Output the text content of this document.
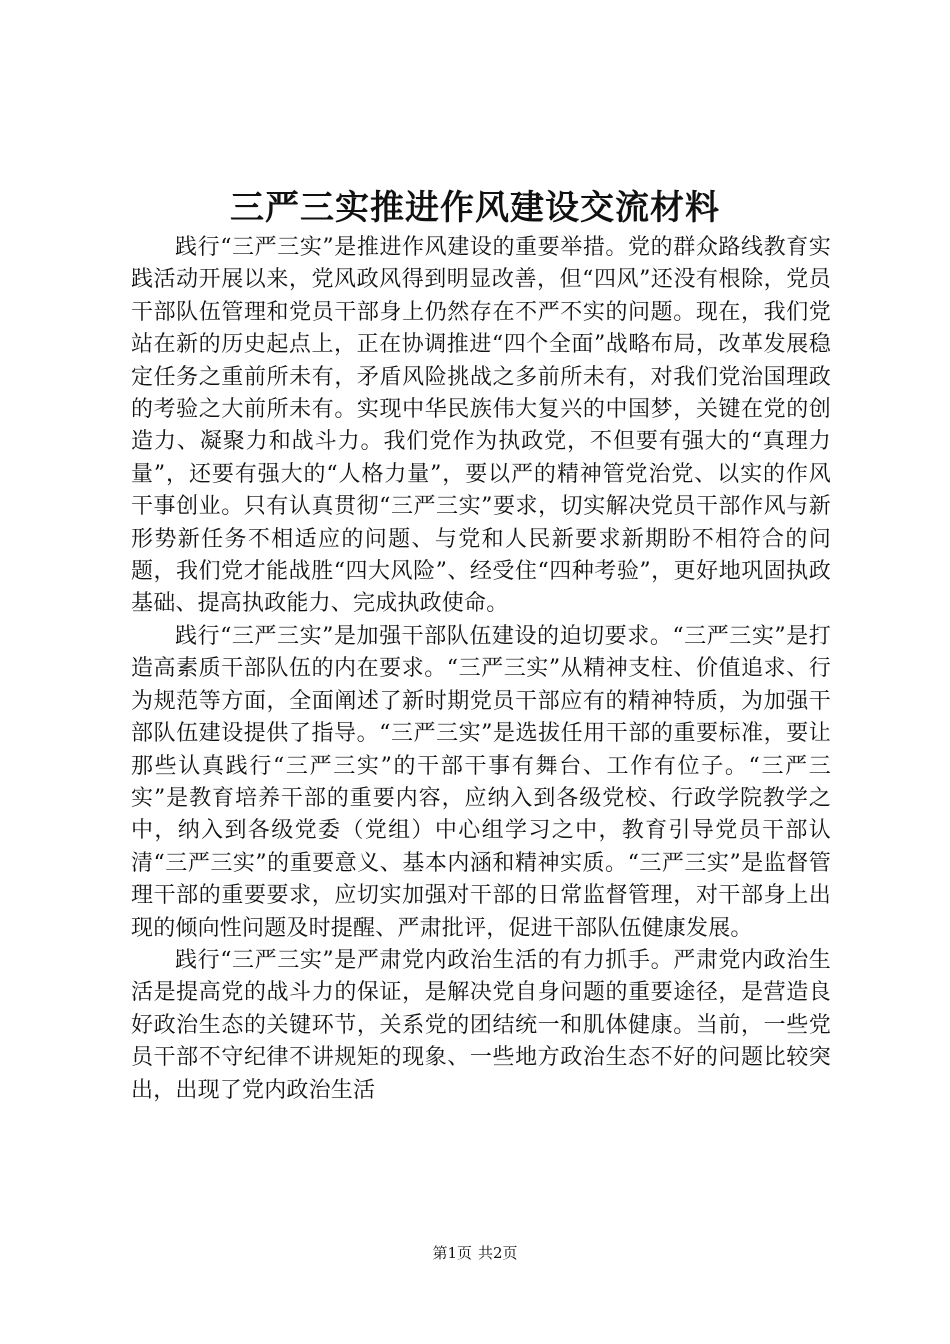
三严三实推进作风建设交流材料

践行“三严三实”是推进作风建设的重要举措。党的群众路线教育实践活动开展以来，党风政风得到明显改善，但“四风”还没有根除，党员干部队伍管理和党员干部身上仍然存在不严不实的问题。现在，我们党站在新的历史起点上，正在协调推进“四个全面”战略布局，改革发展稳定任务之重前所未有，矛盾风险挑战之多前所未有，对我们党治国理政的考验之大前所未有。实现中华民族伟大复兴的中国梦，关键在党的创造力、凝聚力和战斗力。我们党作为执政党，不但要有强大的“真理力量”，还要有强大的“人格力量”，要以严的精神管党治党、以实的作风干事创业。只有认真贯彻“三严三实”要求，切实解决党员干部作风与新形势新任务不相适应的问题、与党和人民新要求新期盼不相符合的问题，我们党才能战胜“四大风险”、经受住“四种考验”，更好地巩固执政基础、提高执政能力、完成执政使命。

践行“三严三实”是加强干部队伍建设的迫切要求。“三严三实”是打造高素质干部队伍的内在要求。“三严三实”从精神支柱、价值追求、行为规范等方面，全面阐述了新时期党员干部应有的精神特质，为加强干部队伍建设提供了指导。“三严三实”是选拔任用干部的重要标准，要让那些认真践行“三严三实”的干部干事有舞台、工作有位子。“三严三实”是教育培养干部的重要内容，应纳入到各级党校、行政学院教学之中，纳入到各级党委（党组）中心组学习之中，教育引导党员干部认清“三严三实”的重要意义、基本内涵和精神实质。“三严三实”是监督管理干部的重要要求，应切实加强对干部的日常监督管理，对干部身上出现的倾向性问题及时提醒、严肃批评，促进干部队伍健康发展。

践行“三严三实”是严肃党内政治生活的有力抓手。严肃党内政治生活是提高党的战斗力的保证，是解决党自身问题的重要途径，是营造良好政治生态的关键环节，关系党的团结统一和肌体健康。当前，一些党员干部不守纪律不讲规矩的现象、一些地方政治生态不好的问题比较突出，出现了党内政治生活

第1页 共2页
